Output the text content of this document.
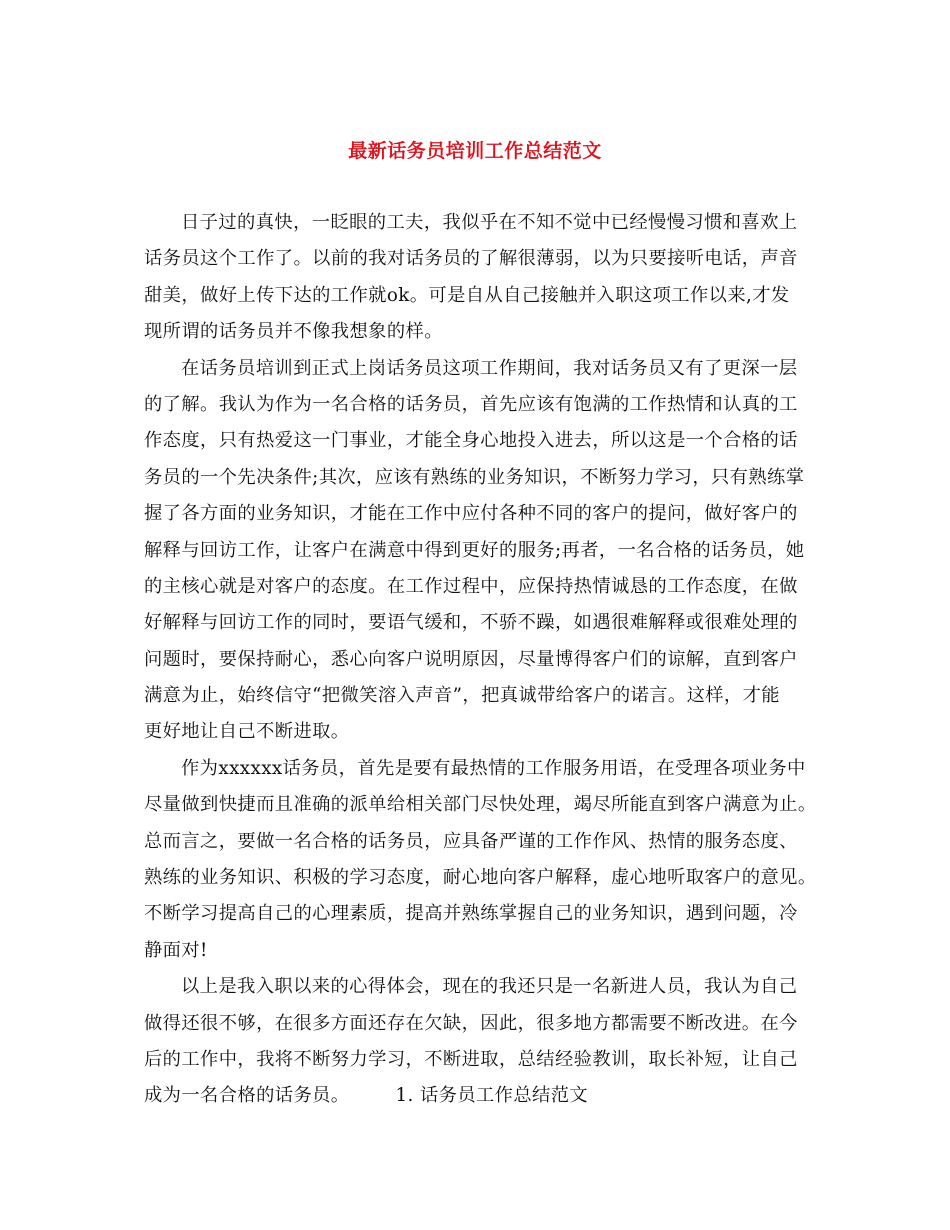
最新话务员培训工作总结范文
日子过的真快，一眨眼的工夫，我似乎在不知不觉中已经慢慢习惯和喜欢上
话务员这个工作了。以前的我对话务员的了解很薄弱，以为只要接听电话，声音
甜美，做好上传下达的工作就ok。可是自从自己接触并入职这项工作以来,才发
现所谓的话务员并不像我想象的样。
在话务员培训到正式上岗话务员这项工作期间，我对话务员又有了更深一层
的了解。我认为作为一名合格的话务员，首先应该有饱满的工作热情和认真的工
作态度，只有热爱这一门事业，才能全身心地投入进去，所以这是一个合格的话
务员的一个先决条件;其次，应该有熟练的业务知识，不断努力学习，只有熟练掌
握了各方面的业务知识，才能在工作中应付各种不同的客户的提问，做好客户的
解释与回访工作，让客户在满意中得到更好的服务;再者，一名合格的话务员，她
的主核心就是对客户的态度。在工作过程中，应保持热情诚恳的工作态度，在做
好解释与回访工作的同时，要语气缓和，不骄不躁，如遇很难解释或很难处理的
问题时，要保持耐心，悉心向客户说明原因，尽量博得客户们的谅解，直到客户
满意为止，始终信守“把微笑溶入声音”，把真诚带给客户的诺言。这样，才能
更好地让自己不断进取。
作为xxxxxx话务员，首先是要有最热情的工作服务用语，在受理各项业务中
尽量做到快捷而且准确的派单给相关部门尽快处理，竭尽所能直到客户满意为止。
总而言之，要做一名合格的话务员，应具备严谨的工作作风、热情的服务态度、
熟练的业务知识、积极的学习态度，耐心地向客户解释，虚心地听取客户的意见。
不断学习提高自己的心理素质，提高并熟练掌握自己的业务知识，遇到问题，冷
静面对!
以上是我入职以来的心得体会，现在的我还只是一名新进人员，我认为自己
做得还很不够，在很多方面还存在欠缺，因此，很多地方都需要不断改进。在今
后的工作中，我将不断努力学习，不断进取，总结经验教训，取长补短，让自己
成为一名合格的话务员。	1. 话务员工作总结范文
